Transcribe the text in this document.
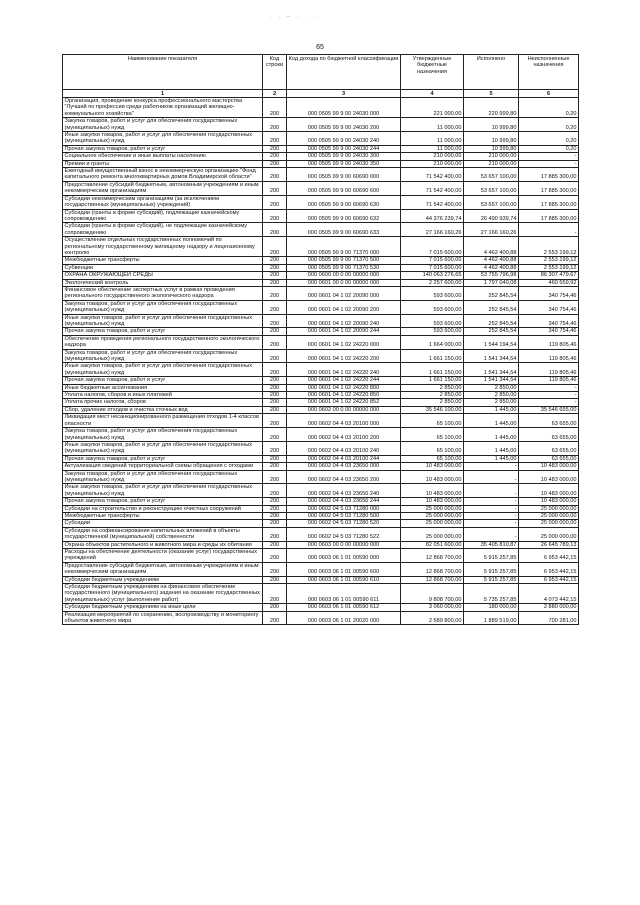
· · ~ · · ·
65
Наименование показателя	Код строки	Код дохода по бюджетной классификации	Утвержденные бюджетные назначения	Исполнено	Неисполненные назначения
1	2	3	4	5	6
Организация, проведение конкурса профессионального мастерства "Лучший по профессии среди работников организаций жилищно-коммунального хозяйства"	200	000 0505 99 9 00 24030 000	221 000,00	220 999,80	0,20
Закупка товаров, работ и услуг для обеспечения государственных (муниципальных) нужд	200	000 0505 99 9 00 24030 200	11 000,00	10 999,80	0,20
Иные закупки товаров, работ и услуг для обеспечения государственных (муниципальных) нужд	200	000 0505 99 9 00 24030 240	11 000,00	10 999,80	0,20
Прочая закупка товаров, работ и услуг	200	000 0505 99 9 00 24030 244	11 000,00	10 999,80	0,20
Социальное обеспечение и иные выплаты населению	200	000 0505 99 9 00 24030 300	210 000,00	210 000,00	-
Премии и гранты	200	000 0505 99 9 00 24030 350	210 000,00	210 000,00	-
Ежегодный имущественный взнос в некоммерческую организацию "Фонд капитального ремонта многоквартирных домов Владимирской области"	200	000 0505 99 9 00 60690 000	71 542 400,00	53 657 100,00	17 885 300,00
Предоставление субсидий бюджетным, автономным учреждениям и иным некоммерческим организациям	200	000 0505 99 9 00 60690 600	71 542 400,00	53 657 100,00	17 885 300,00
Субсидии некоммерческим организациям (за исключением государственных (муниципальных) учреждений)	200	000 0505 99 9 00 60690 630	71 542 400,00	53 657 100,00	17 885 300,00
Субсидии (гранты в форме субсидий), подлежащие казначейскому сопровождению	200	000 0505 99 9 00 60690 632	44 376 239,74	26 490 939,74	17 885 300,00
Субсидии (гранты в форме субсидий), не подлежащие казначейскому сопровождению	200	000 0505 99 9 00 60690 633	27 166 160,26	27 166 160,26	-
Осуществление отдельных государственных полномочий по региональному государственному жилищному надзору и лицензионному контролю	200	000 0505 99 9 00 71370 000	7 015 600,00	4 462 400,88	2 553 199,12
Межбюджетные трансферты	200	000 0505 99 9 00 71370 500	7 015 600,00	4 462 400,88	2 553 199,12
Субвенции	200	000 0505 99 9 00 71370 530	7 015 600,00	4 462 400,88	2 553 199,12
ОХРАНА ОКРУЖАЮЩЕЙ СРЕДЫ	200	000 0600 00 0 00 00000 000	140 063 276,65	53 755 796,98	86 307 479,67
Экологический контроль	200	000 0601 00 0 00 00000 000	2 257 600,00	1 797 040,08	460 559,92
Финансовое обеспечение экспертных услуг в рамках проведения регионального государственного экологического надзора	200	000 0601 04 1 02 20090 000	593 600,00	252 845,54	340 754,46
Закупка товаров, работ и услуг для обеспечения государственных (муниципальных) нужд	200	000 0601 04 1 02 20090 200	593 600,00	252 845,54	340 754,46
Иные закупки товаров, работ и услуг для обеспечения государственных (муниципальных) нужд	200	000 0601 04 1 02 20090 240	593 600,00	252 845,54	340 754,46
Прочая закупка товаров, работ и услуг	200	000 0601 04 1 02 20090 244	593 600,00	252 845,54	340 754,46
Обеспечение проведения регионального государственного экологического надзора	200	000 0601 04 1 02 24220 000	1 664 000,00	1 544 194,54	119 805,46
Закупка товаров, работ и услуг для обеспечения государственных (муниципальных) нужд	200	000 0601 04 1 02 24220 200	1 661 150,00	1 541 344,54	119 805,46
Иные закупки товаров, работ и услуг для обеспечения государственных (муниципальных) нужд	200	000 0601 04 1 02 24220 240	1 661 150,00	1 541 344,54	119 805,46
Прочая закупка товаров, работ и услуг	200	000 0601 04 1 02 24220 244	1 661 150,00	1 541 344,54	119 805,46
Иные бюджетные ассигнования	200	000 0601 04 1 02 24220 800	2 850,00	2 850,00	-
Уплата налогов, сборов и иных платежей	200	000 0601 04 1 02 24220 850	2 850,00	2 850,00	-
Уплата прочих налогов, сборов	200	000 0601 04 1 02 24220 852	2 850,00	2 850,00	-
Сбор, удаление отходов и очистка сточных вод	200	000 0602 00 0 00 00000 000	35 546 100,00	1 445,00	35 546 655,00
Ликвидация мест несанкционированного размещения отходов 1-4 классов опасности	200	000 0602 04 4 03 20100 000	65 100,00	1 445,00	63 655,00
Закупка товаров, работ и услуг для обеспечения государственных (муниципальных) нужд	200	000 0602 04 4 03 20100 200	65 100,00	1 445,00	63 655,00
Иные закупки товаров, работ и услуг для обеспечения государственных (муниципальных) нужд	200	000 0602 04 4 03 20100 240	65 100,00	1 445,00	63 655,00
Прочая закупка товаров, работ и услуг	200	000 0602 04 4 03 20100 244	65 100,00	1 445,00	63 655,00
Актуализация сведений территориальной схемы обращения с отходами	200	000 0602 04 4 03 23650 000	10 483 000,00	-	10 483 000,00
Закупка товаров, работ и услуг для обеспечения государственных (муниципальных) нужд	200	000 0602 04 4 03 23650 200	10 483 000,00	-	10 483 000,00
Иные закупки товаров, работ и услуг для обеспечения государственных (муниципальных) нужд	200	000 0602 04 4 03 23650 240	10 483 000,00	-	10 483 000,00
Прочая закупка товаров, работ и услуг	200	000 0602 04 4 03 23650 244	10 483 000,00	-	10 483 000,00
Субсидии на строительство и реконструкцию очистных сооружений	200	000 0602 04 5 03 71280 000	25 000 000,00	-	25 000 000,00
Межбюджетные трансферты	200	000 0602 04 5 03 71280 500	25 000 000,00	-	25 000 000,00
Субсидии	200	000 0602 04 5 03 71280 520	25 000 000,00	-	25 000 000,00
Субсидии на софинансирование капитальных вложений в объекты государственной (муниципальной) собственности	200	000 0602 04 5 03 71280 522	25 000 000,00	-	25 000 000,00
Охрана объектов растительного и животного мира и среды их обитания	200	000 0603 00 0 00 00000 000	82 051 600,00	35 405 810,87	26 645 789,13
Расходы на обеспечение деятельности (оказание услуг) государственных учреждений	200	000 0603 06 1 01 00590 000	12 868 700,00	5 915 257,85	6 953 442,15
Предоставление субсидий бюджетным, автономным учреждениям и иным некоммерческим организациям	200	000 0603 06 1 01 00590 600	12 868 700,00	5 915 257,85	6 953 442,15
Субсидии бюджетным учреждениям	200	000 0603 06 1 01 00590 610	12 868 700,00	5 915 257,85	6 953 442,15
Субсидии бюджетным учреждениям на финансовое обеспечение государственного (муниципального) задания на оказание государственных (муниципальных) услуг (выполнение работ)	200	000 0603 06 1 01 00590 611	9 808 700,00	5 735 257,85	4 073 442,15
Субсидии бюджетным учреждениям на иные цели	200	000 0603 06 1 01 00590 612	3 060 000,00	180 000,00	2 880 000,00
Реализация мероприятий по сохранению, воспроизводству и мониторингу объектов животного мира	200	000 0603 06 1 01 20020 000	2 589 800,00	1 889 519,00	700 281,00
